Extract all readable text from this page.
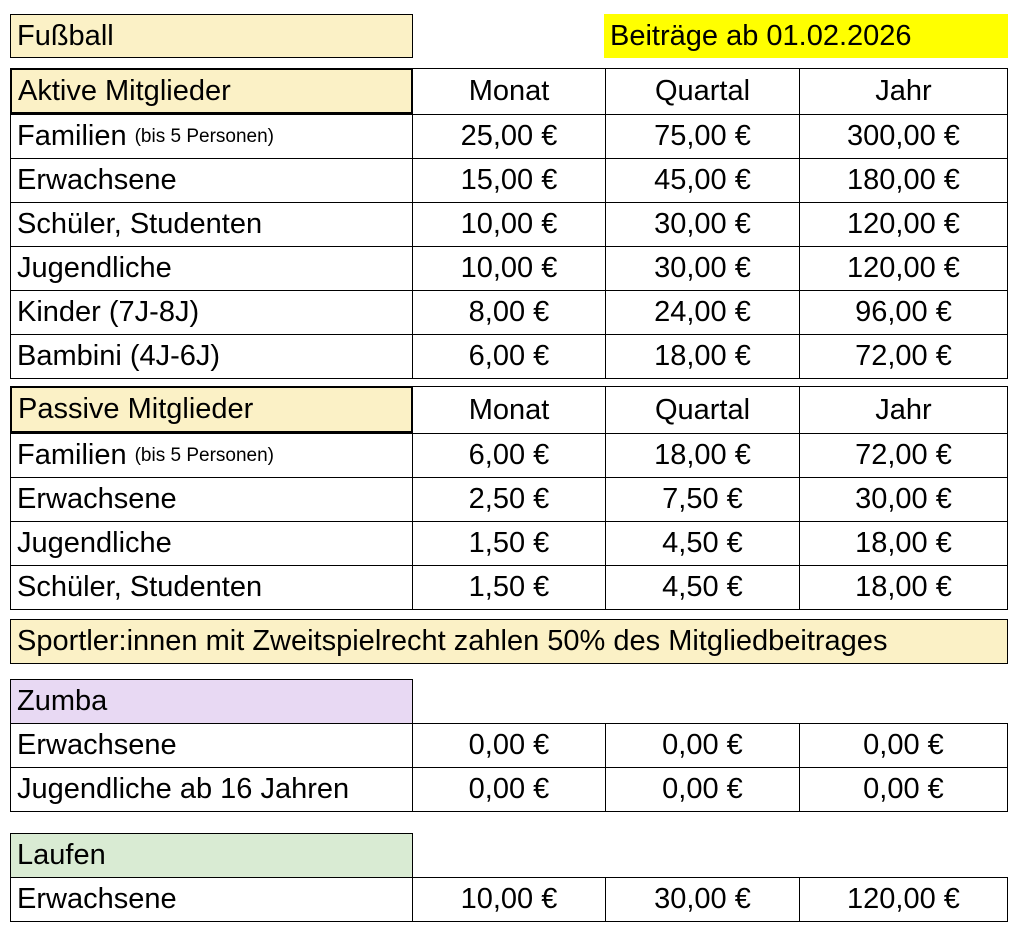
Fußball	Beiträge ab 01.02.2026
Aktive Mitglieder	Monat	Quartal	Jahr
Familien (bis 5 Personen)	25,00 €	75,00 €	300,00 €
Erwachsene	15,00 €	45,00 €	180,00 €
Schüler, Studenten	10,00 €	30,00 €	120,00 €
Jugendliche	10,00 €	30,00 €	120,00 €
Kinder (7J-8J)	8,00 €	24,00 €	96,00 €
Bambini (4J-6J)	6,00 €	18,00 €	72,00 €
Passive Mitglieder	Monat	Quartal	Jahr
Familien (bis 5 Personen)	6,00 €	18,00 €	72,00 €
Erwachsene	2,50 €	7,50 €	30,00 €
Jugendliche	1,50 €	4,50 €	18,00 €
Schüler, Studenten	1,50 €	4,50 €	18,00 €
Sportler:innen mit Zweitspielrecht zahlen 50% des Mitgliedbeitrages
Zumba
Erwachsene	0,00 €	0,00 €	0,00 €
Jugendliche ab 16 Jahren	0,00 €	0,00 €	0,00 €
Laufen
Erwachsene	10,00 €	30,00 €	120,00 €
